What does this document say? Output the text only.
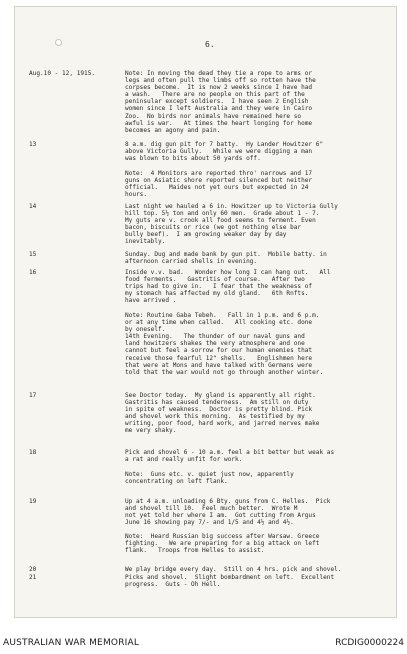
6.
Aug.10 - 12, 1915.	Note: In moving the dead they tie a rope to arms or
legs and often pull the limbs off so rotten have the
corpses become.  It is now 2 weeks since I have had
a wash.   There are no people on this part of the
peninsular except soldiers.  I have seen 2 English
women since I left Australia and they were in Cairo
Zoo.  No birds nor animals have remained here so
awful is war.   At times the heart longing for home
becomes an agony and pain.
13	8 a.m. dig gun pit for 7 batty.  Hy Lander Howitzer 6"
above Victoria Gully.   While we were digging a man
was blown to bits about 50 yards off.
Note:  4 Monitors are reported thro' narrows and 17
guns on Asiatic shore reported silenced but neither
official.   Maides not yet ours but expected in 24
hours.
14	Last night we hauled a 6 in. Howitzer up to Victoria Gully
hill top. 5½ ton and only 60 men.  Grade about 1 - 7.
My guts are v. crook all food seems to ferment. Even
bacon, biscuits or rice (we got nothing else bar
bully beef).  I am growing weaker day by day
inevitably.
15	Sunday. Dug and made bank by gun pit.  Mobile batty. in
afternoon carried shells in evening.
16	Inside v.v. bad.   Wonder how long I can hang out.   All
food ferments.   Gastritis of course.   After two
trips had to give in.   I fear that the weakness of
my stomach has affected my old gland.   6th Rnfts.
have arrived .
Note: Routine Gaba Tebeh.   Fall in 1 p.m. and 6 p.m.
or at any time when called.   All cooking etc. done
by oneself.
14th Evening.   The thunder of our naval guns and
land howitzers shakes the very atmosphere and one
cannot but feel a sorrow for our human enemies that
receive those fearful 12" shells.   Englishmen here
that were at Mons and have talked with Germans were
told that the war would not go through another winter.
17	See Doctor today.  My gland is apparently all right.
Gastritis has caused tenderness.  Am still on duty
in spite of weakness.  Doctor is pretty blind. Pick
and shovel work this morning.  As testified by my
writing, poor food, hard work, and jarred nerves make
me very shaky.
18	Pick and shovel 6 - 10 a.m. feel a bit better but weak as
a rat and really unfit for work.
Note:  Guns etc. v. quiet just now, apparently
concentrating on left flank.
19	Up at 4 a.m. unloading 6 Bty. guns from C. Helles.  Pick
and shovel till 10.  Feel much better.  Wrote M
not yet told her where I am.  Got cutting from Argus
June 16 showing pay 7/- and 1/5 and 4½ and 4½.
Note:  Heard Russian big success after Warsaw. Greece
fighting.   We are preparing for a big attack on left
flank.   Troops from Helles to assist.
20	We play bridge every day.  Still on 4 hrs. pick and shovel.
21	Picks and shovel.  Slight bombardment on left.  Excellent
progress.  Guts - Oh Hell.
AUSTRALIAN WAR MEMORIAL	RCDIG0000224
